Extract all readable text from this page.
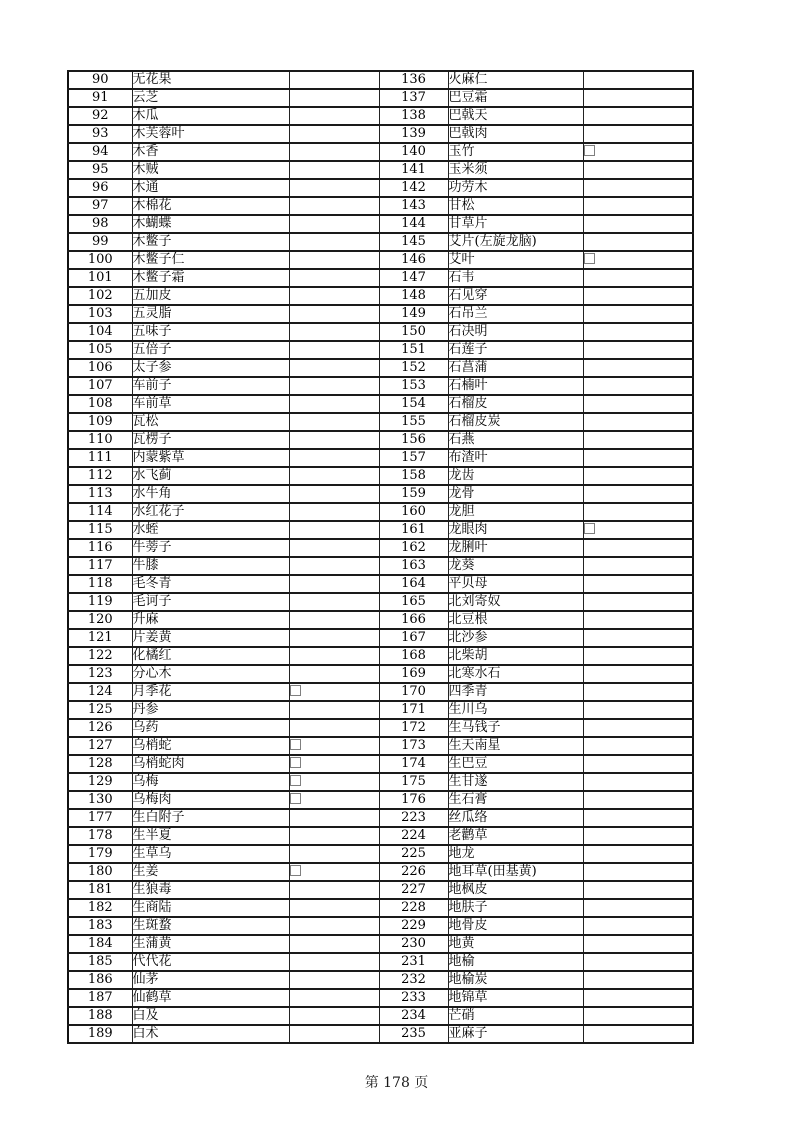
90	无花果		136	火麻仁	
91	云芝		137	巴豆霜	
92	木瓜		138	巴戟天	
93	木芙蓉叶		139	巴戟肉	
94	木香		140	玉竹	
95	木贼		141	玉米须	
96	木通		142	功劳木	
97	木棉花		143	甘松	
98	木蝴蝶		144	甘草片	
99	木鳖子		145	艾片(左旋龙脑)	
100	木鳖子仁		146	艾叶	
101	木鳖子霜		147	石韦	
102	五加皮		148	石见穿	
103	五灵脂		149	石吊兰	
104	五味子		150	石决明	
105	五倍子		151	石莲子	
106	太子参		152	石菖蒲	
107	车前子		153	石楠叶	
108	车前草		154	石榴皮	
109	瓦松		155	石榴皮炭	
110	瓦楞子		156	石燕	
111	内蒙紫草		157	布渣叶	
112	水飞蓟		158	龙齿	
113	水牛角		159	龙骨	
114	水红花子		160	龙胆	
115	水蛭		161	龙眼肉	
116	牛蒡子		162	龙脷叶	
117	牛膝		163	龙葵	
118	毛冬青		164	平贝母	
119	毛诃子		165	北刘寄奴	
120	升麻		166	北豆根	
121	片姜黄		167	北沙参	
122	化橘红		168	北柴胡	
123	分心木		169	北寒水石	
124	月季花		170	四季青	
125	丹参		171	生川乌	
126	乌药		172	生马钱子	
127	乌梢蛇		173	生天南星	
128	乌梢蛇肉		174	生巴豆	
129	乌梅		175	生甘遂	
130	乌梅肉		176	生石膏	
177	生白附子		223	丝瓜络	
178	生半夏		224	老鹳草	
179	生草乌		225	地龙	
180	生姜		226	地耳草(田基黄)	
181	生狼毒		227	地枫皮	
182	生商陆		228	地肤子	
183	生斑蝥		229	地骨皮	
184	生蒲黄		230	地黄	
185	代代花		231	地榆	
186	仙茅		232	地榆炭	
187	仙鹤草		233	地锦草	
188	白及		234	芒硝	
189	白术		235	亚麻子	
第 178 页
